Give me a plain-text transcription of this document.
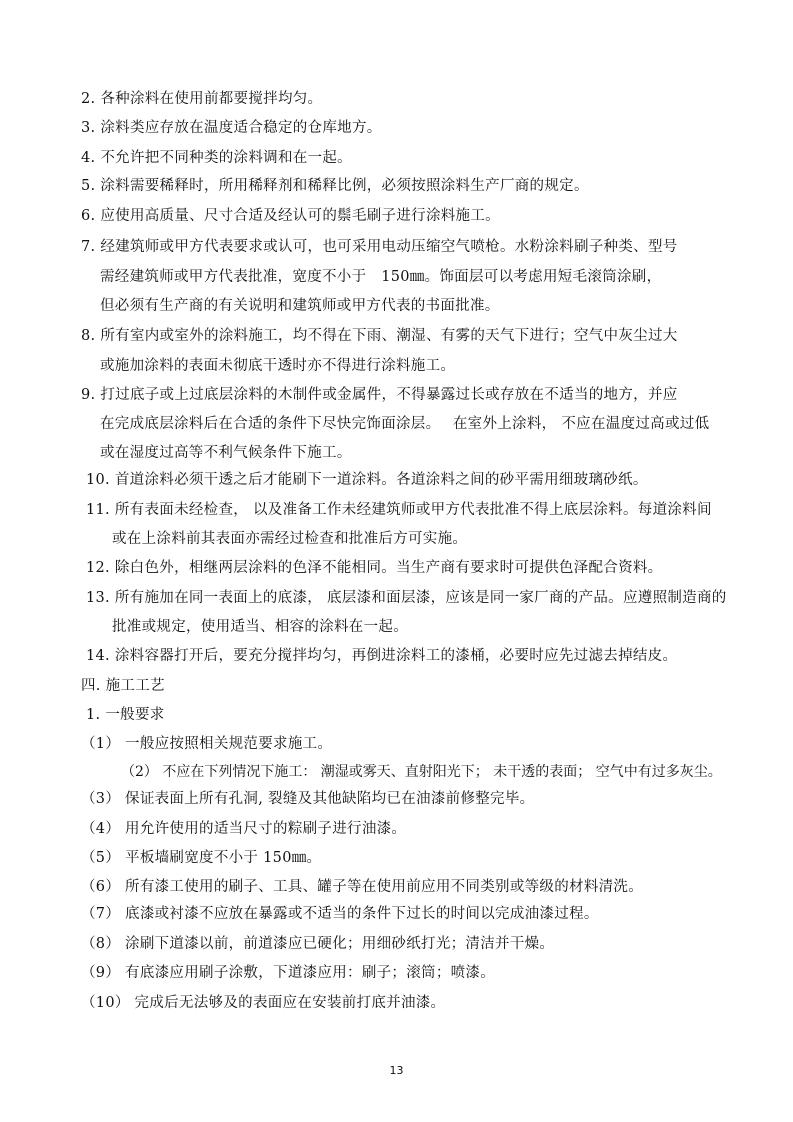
2. 各种涂料在使用前都要搅拌均匀。
3. 涂料类应存放在温度适合稳定的仓库地方。
4. 不允许把不同种类的涂料调和在一起。
5. 涂料需要稀释时，所用稀释剂和稀释比例，必须按照涂料生产厂商的规定。
6. 应使用高质量、尺寸合适及经认可的鬃毛刷子进行涂料施工。
7. 经建筑师或甲方代表要求或认可，也可采用电动压缩空气喷枪。水粉涂料刷子种类、型号
需经建筑师或甲方代表批准，宽度不小于　150㎜。饰面层可以考虑用短毛滚筒涂刷，
但必须有生产商的有关说明和建筑师或甲方代表的书面批准。
8. 所有室内或室外的涂料施工，均不得在下雨、潮湿、有雾的天气下进行；空气中灰尘过大
或施加涂料的表面未彻底干透时亦不得进行涂料施工。
9. 打过底子或上过底层涂料的木制件或金属件，不得暴露过长或存放在不适当的地方，并应
在完成底层涂料后在合适的条件下尽快完饰面涂层。　 在室外上涂料， 不应在温度过高或过低
或在湿度过高等不利气候条件下施工。
10. 首道涂料必须干透之后才能刷下一道涂料。各道涂料之间的砂平需用细玻璃砂纸。
11. 所有表面未经检查， 以及准备工作未经建筑师或甲方代表批准不得上底层涂料。每道涂料间
或在上涂料前其表面亦需经过检查和批准后方可实施。
12. 除白色外，相继两层涂料的色泽不能相同。当生产商有要求时可提供色泽配合资料。
13. 所有施加在同一表面上的底漆， 底层漆和面层漆，应该是同一家厂商的产品。应遵照制造商的
批准或规定，使用适当、相容的涂料在一起。
14. 涂料容器打开后，要充分搅拌均匀，再倒进涂料工的漆桶，必要时应先过滤去掉结皮。
四. 施工工艺
1. 一般要求
（1） 一般应按照相关规范要求施工。
（2） 不应在下列情况下施工： 潮湿或雾天、直射阳光下； 未干透的表面； 空气中有过多灰尘。
（3） 保证表面上所有孔洞, 裂缝及其他缺陷均已在油漆前修整完毕。
（4） 用允许使用的适当尺寸的粽刷子进行油漆。
（5） 平板墙刷宽度不小于 150㎜。
（6） 所有漆工使用的刷子、工具、罐子等在使用前应用不同类别或等级的材料清洗。
（7） 底漆或衬漆不应放在暴露或不适当的条件下过长的时间以完成油漆过程。
（8） 涂刷下道漆以前，前道漆应已硬化；用细砂纸打光；清洁并干燥。
（9） 有底漆应用刷子涂敷，下道漆应用：刷子；滚筒；喷漆。
（10） 完成后无法够及的表面应在安装前打底并油漆。
13
